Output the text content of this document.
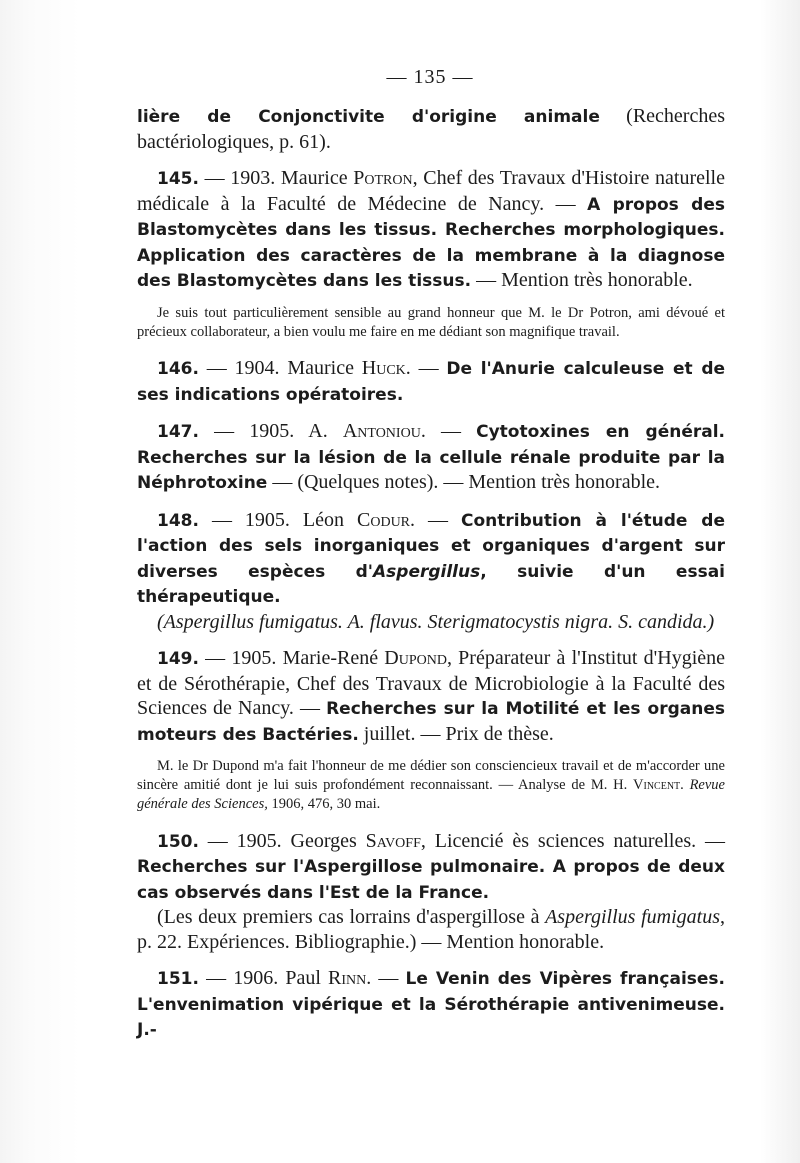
— 135 —

lière de Conjonctivite d'origine animale (Recherches bactériologiques, p. 61).

145. — 1903. Maurice Potron, Chef des Travaux d'Histoire naturelle médicale à la Faculté de Médecine de Nancy. — A propos des Blastomycètes dans les tissus. Recherches morphologiques. Application des caractères de la membrane à la diagnose des Blastomycètes dans les tissus. — Mention très honorable.

Je suis tout particulièrement sensible au grand honneur que M. le Dr Potron, ami dévoué et précieux collaborateur, a bien voulu me faire en me dédiant son magnifique travail.

146. — 1904. Maurice Huck. — De l'Anurie calculeuse et de ses indications opératoires.

147. — 1905. A. Antoniou. — Cytotoxines en général. Recherches sur la lésion de la cellule rénale produite par la Néphrotoxine — (Quelques notes). — Mention très honorable.

148. — 1905. Léon Codur. — Contribution à l'étude de l'action des sels inorganiques et organiques d'argent sur diverses espèces d'Aspergillus, suivie d'un essai thérapeutique.

(Aspergillus fumigatus. A. flavus. Sterigmatocystis nigra. S. candida.)

149. — 1905. Marie-René Dupond, Préparateur à l'Institut d'Hygiène et de Sérothérapie, Chef des Travaux de Microbiologie à la Faculté des Sciences de Nancy. — Recherches sur la Motilité et les organes moteurs des Bactéries. juillet. — Prix de thèse.

M. le Dr Dupond m'a fait l'honneur de me dédier son consciencieux travail et de m'accorder une sincère amitié dont je lui suis profondément reconnaissant. — Analyse de M. H. Vincent. Revue générale des Sciences, 1906, 476, 30 mai.

150. — 1905. Georges Savoff, Licencié ès sciences naturelles. — Recherches sur l'Aspergillose pulmonaire. A propos de deux cas observés dans l'Est de la France.

(Les deux premiers cas lorrains d'aspergillose à Aspergillus fumigatus, p. 22. Expériences. Bibliographie.) — Mention honorable.

151. — 1906. Paul Rinn. — Le Venin des Vipères françaises. L'envenimation vipérique et la Sérothérapie antivenimeuse. J.-
